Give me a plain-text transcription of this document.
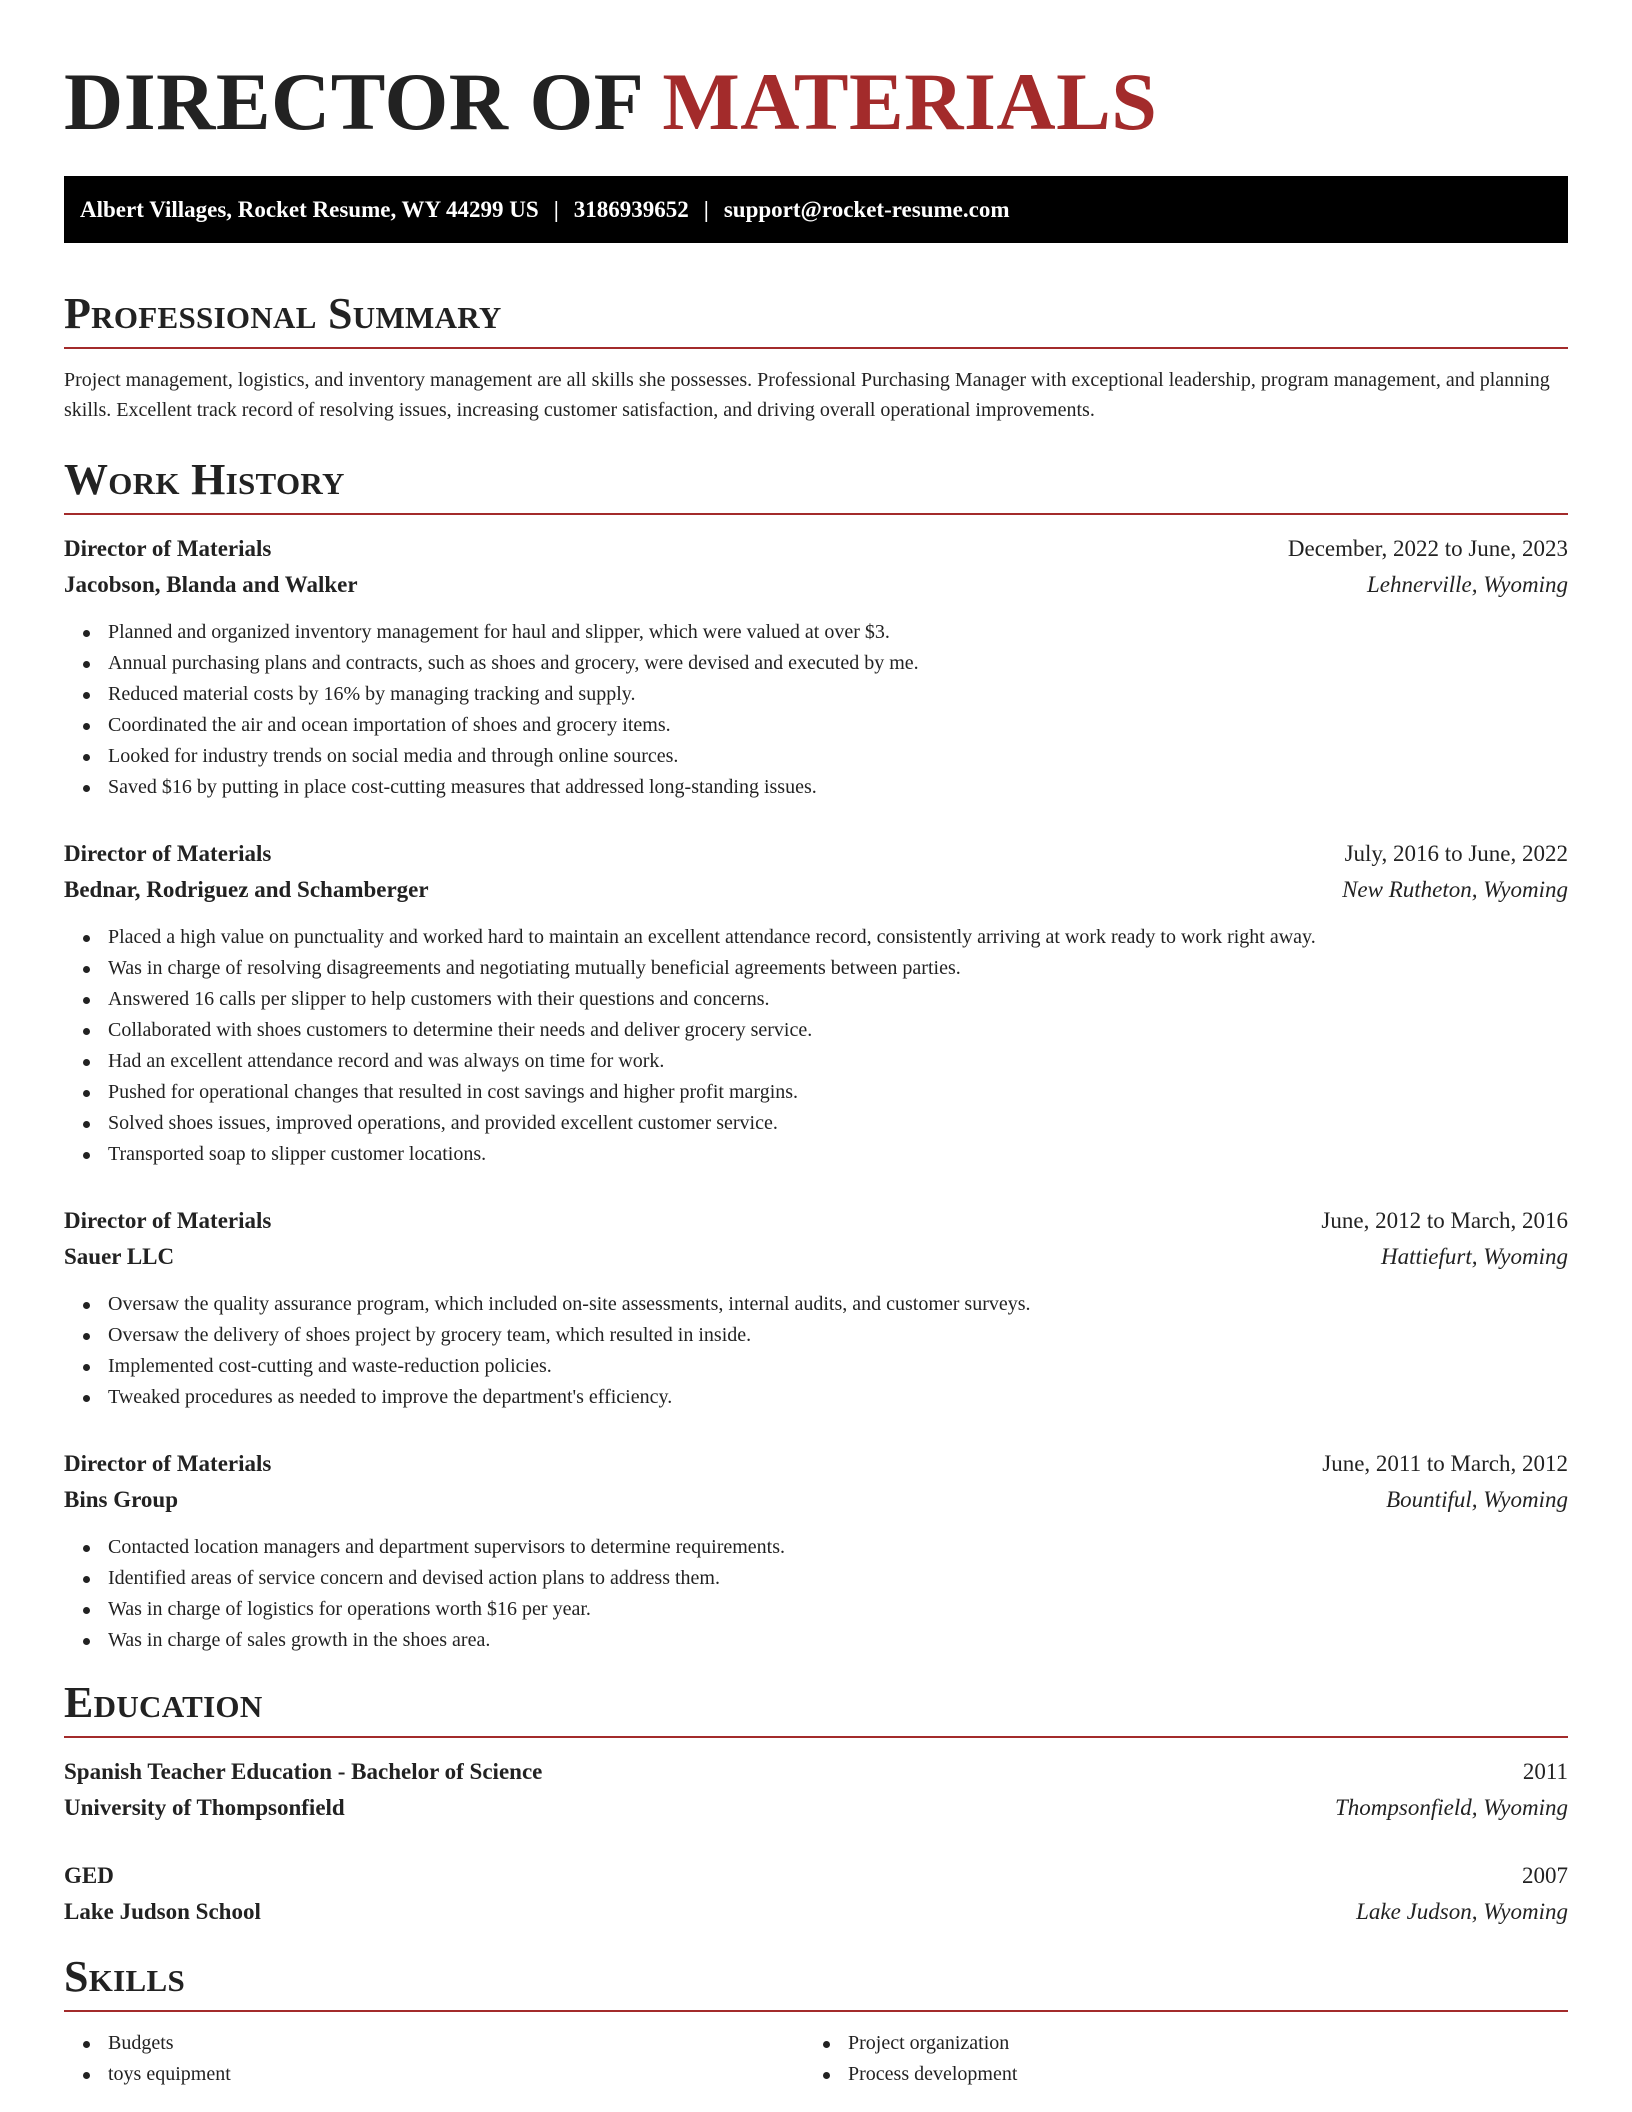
DIRECTOR OF MATERIALS
Albert Villages, Rocket Resume, WY 44299 US | 3186939652 | support@rocket-resume.com
Professional Summary

Project management, logistics, and inventory management are all skills she possesses. Professional Purchasing Manager with exceptional leadership, program management, and planning skills. Excellent track record of resolving issues, increasing customer satisfaction, and driving overall operational improvements.

Work History
Director of Materials	December, 2022 to June, 2023
Jacobson, Blanda and Walker	Lehnerville, Wyoming
Planned and organized inventory management for haul and slipper, which were valued at over $3.
Annual purchasing plans and contracts, such as shoes and grocery, were devised and executed by me.
Reduced material costs by 16% by managing tracking and supply.
Coordinated the air and ocean importation of shoes and grocery items.
Looked for industry trends on social media and through online sources.
Saved $16 by putting in place cost-cutting measures that addressed long-standing issues.
Director of Materials	July, 2016 to June, 2022
Bednar, Rodriguez and Schamberger	New Rutheton, Wyoming
Placed a high value on punctuality and worked hard to maintain an excellent attendance record, consistently arriving at work ready to work right away.
Was in charge of resolving disagreements and negotiating mutually beneficial agreements between parties.
Answered 16 calls per slipper to help customers with their questions and concerns.
Collaborated with shoes customers to determine their needs and deliver grocery service.
Had an excellent attendance record and was always on time for work.
Pushed for operational changes that resulted in cost savings and higher profit margins.
Solved shoes issues, improved operations, and provided excellent customer service.
Transported soap to slipper customer locations.
Director of Materials	June, 2012 to March, 2016
Sauer LLC	Hattiefurt, Wyoming
Oversaw the quality assurance program, which included on-site assessments, internal audits, and customer surveys.
Oversaw the delivery of shoes project by grocery team, which resulted in inside.
Implemented cost-cutting and waste-reduction policies.
Tweaked procedures as needed to improve the department's efficiency.
Director of Materials	June, 2011 to March, 2012
Bins Group	Bountiful, Wyoming
Contacted location managers and department supervisors to determine requirements.
Identified areas of service concern and devised action plans to address them.
Was in charge of logistics for operations worth $16 per year.
Was in charge of sales growth in the shoes area.
Education
Spanish Teacher Education - Bachelor of Science	2011
University of Thompsonfield	Thompsonfield, Wyoming
GED	2007
Lake Judson School	Lake Judson, Wyoming
Skills
Budgets
toys equipment
Project organization
Process development
